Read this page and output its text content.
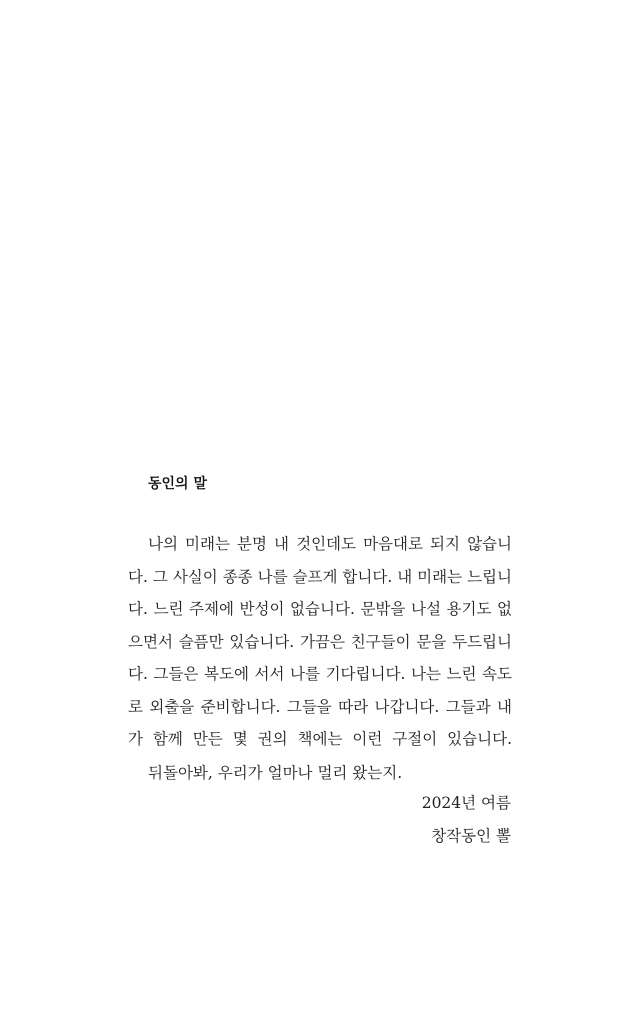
동인의 말

나의 미래는 분명 내 것인데도 마음대로 되지 않습니다. 그 사실이 종종 나를 슬프게 합니다. 내 미래는 느립니다. 느린 주제에 반성이 없습니다. 문밖을 나설 용기도 없으면서 슬픔만 있습니다. 가끔은 친구들이 문을 두드립니다. 그들은 복도에 서서 나를 기다립니다. 나는 느린 속도로 외출을 준비합니다. 그들을 따라 나갑니다. 그들과 내가 함께 만든 몇 권의 책에는 이런 구절이 있습니다.

뒤돌아봐, 우리가 얼마나 멀리 왔는지.

2024년 여름

창작동인 뽈
